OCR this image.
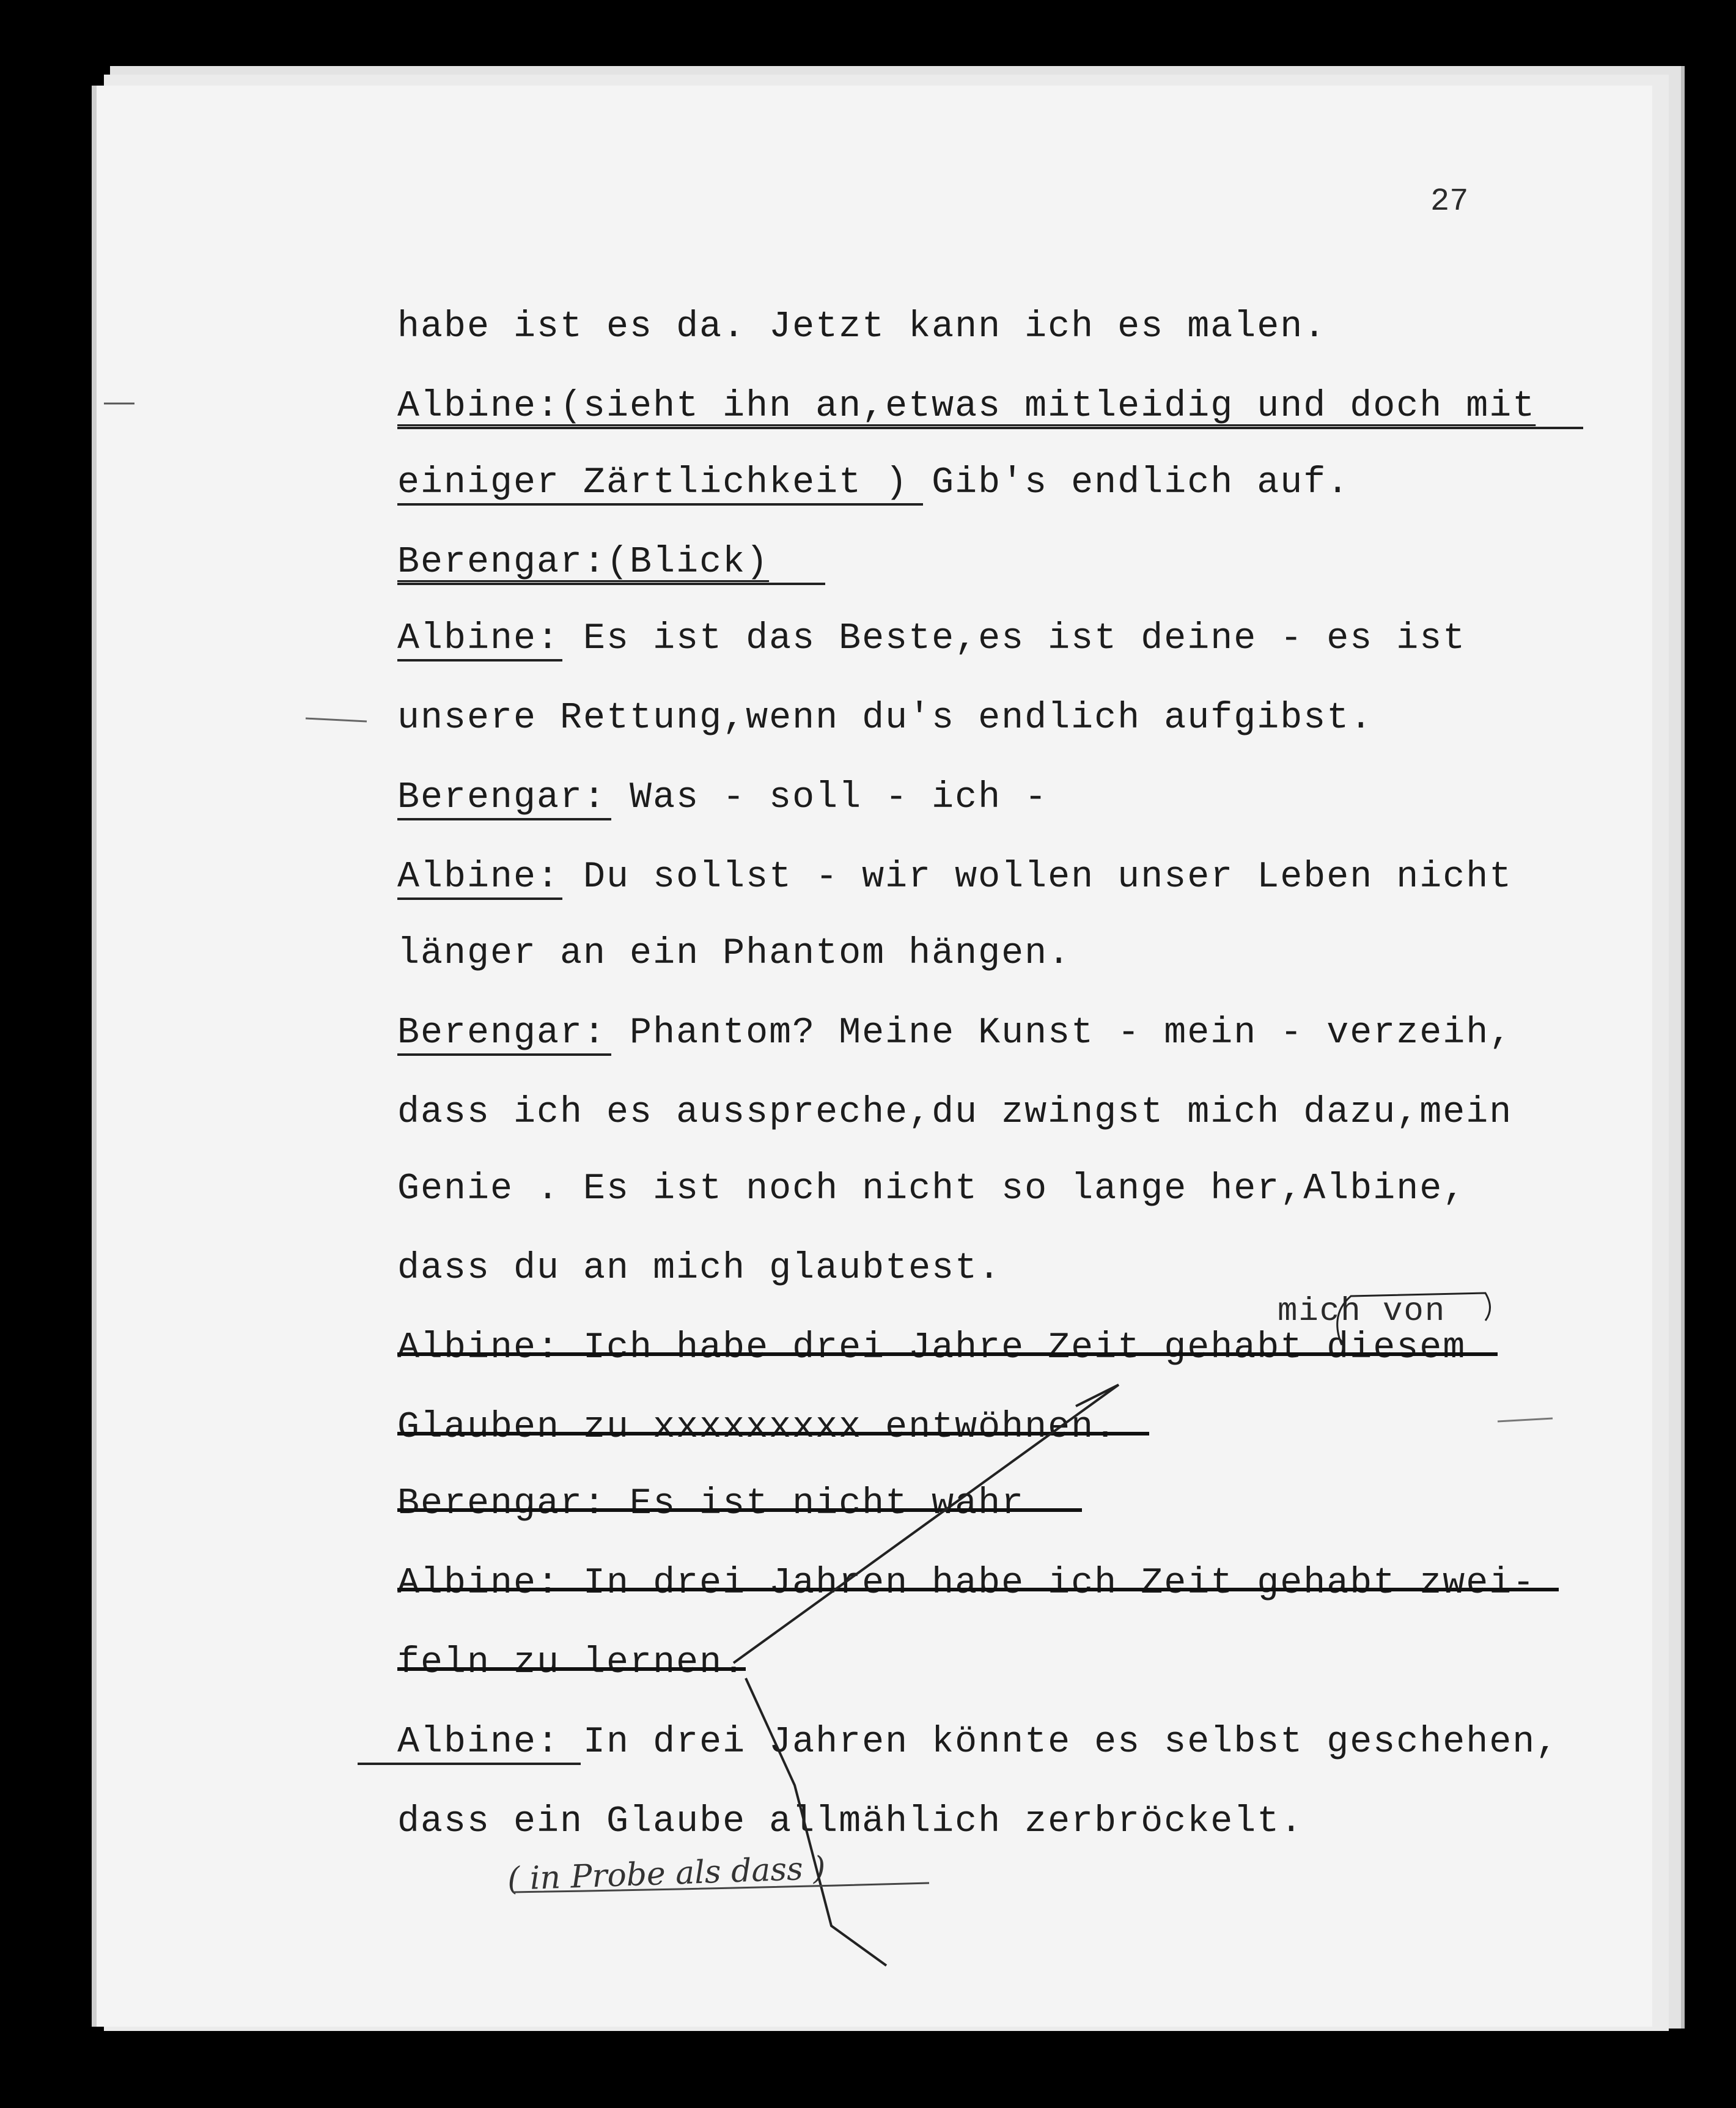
27
habe ist es da. Jetzt kann ich es malen.
Albine:(sieht ihn an,etwas mitleidig und doch mit
einiger Zärtlichkeit ) Gib's endlich auf.
Berengar:(Blick)
Albine: Es ist das Beste,es ist deine - es ist
unsere Rettung,wenn du's endlich aufgibst.
Berengar: Was - soll - ich -
Albine: Du sollst - wir wollen unser Leben nicht
länger an ein Phantom hängen.
Berengar: Phantom? Meine Kunst - mein - verzeih,
dass ich es ausspreche,du zwingst mich dazu,mein
Genie . Es ist noch nicht so lange her,Albine,
dass du an mich glaubtest.
Albine: Ich habe drei Jahre Zeit gehabt diesem
Glauben zu xxxxxxxxx entwöhnen.
Berengar: Es ist nicht wahr
Albine: In drei Jahren habe ich Zeit gehabt zwei-
feln zu lernen.
Albine: In drei Jahren könnte es selbst geschehen,
dass ein Glaube allmählich zerbröckelt.
mich von
( in Probe als dass )
